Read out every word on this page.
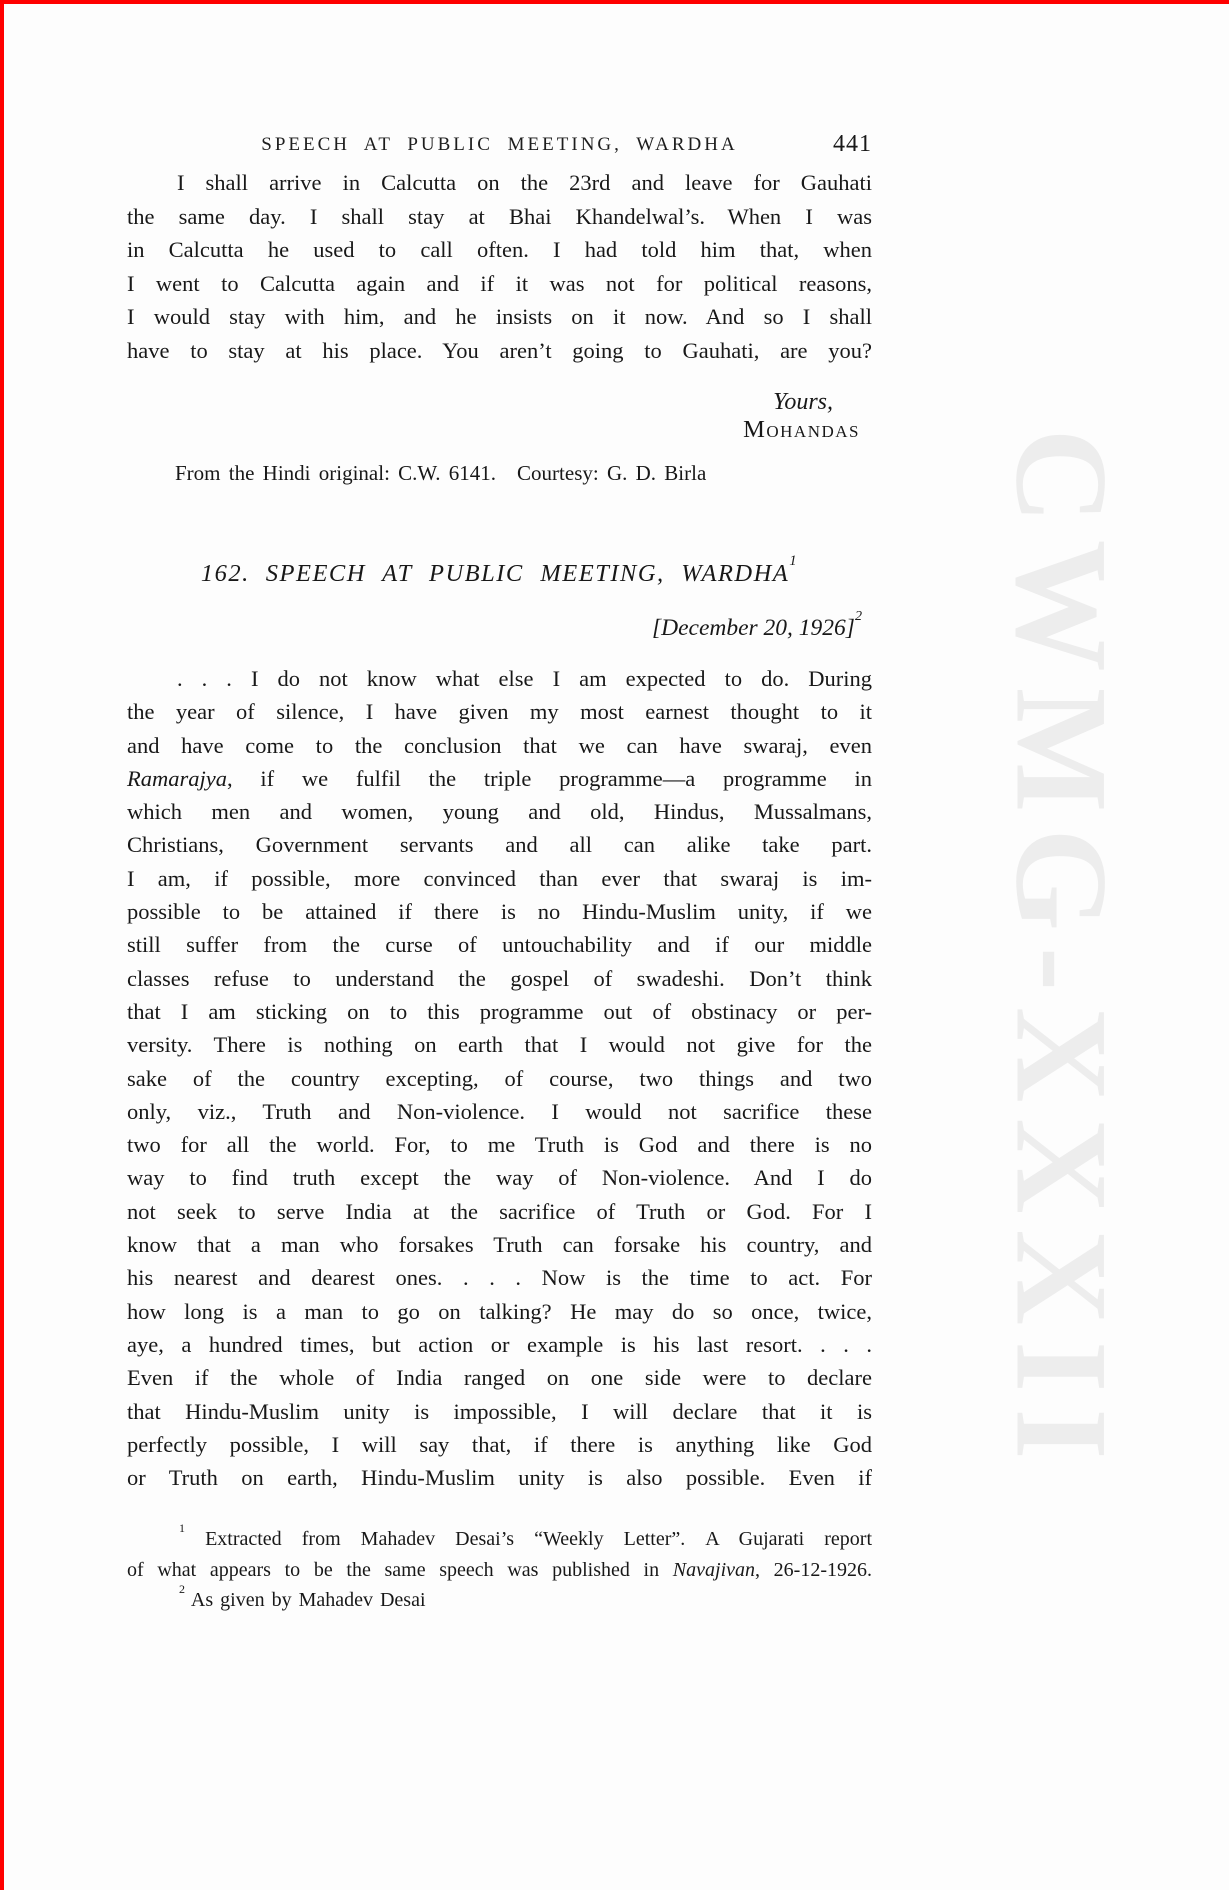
CWMG-XXXII
SPEECH AT PUBLIC MEETING, WARDHA	441
I shall arrive in Calcutta on the 23rd and leave for Gauhati
the same day. I shall stay at Bhai Khandelwal’s. When I was
in Calcutta he used to call often. I had told him that, when
I went to Calcutta again and if it was not for political reasons,
I would stay with him, and he insists on it now. And so I shall
have to stay at his place. You aren’t going to Gauhati, are you?
Yours,
Mohandas
From the Hindi original: C.W. 6141. Courtesy: G. D. Birla
162. SPEECH AT PUBLIC MEETING, WARDHA$^1$
[December 20, 1926]$^2$
. . . I do not know what else I am expected to do. During
the year of silence, I have given my most earnest thought to it
and have come to the conclusion that we can have swaraj, even
Ramarajya, if we fulfil the triple programme—a programme in
which men and women, young and old, Hindus, Mussalmans,
Christians, Government servants and all can alike take part.
I am, if possible, more convinced than ever that swaraj is im-
possible to be attained if there is no Hindu-Muslim unity, if we
still suffer from the curse of untouchability and if our middle
classes refuse to understand the gospel of swadeshi. Don’t think
that I am sticking on to this programme out of obstinacy or per-
versity. There is nothing on earth that I would not give for the
sake of the country excepting, of course, two things and two
only, viz., Truth and Non-violence. I would not sacrifice these
two for all the world. For, to me Truth is God and there is no
way to find truth except the way of Non-violence. And I do
not seek to serve India at the sacrifice of Truth or God. For I
know that a man who forsakes Truth can forsake his country, and
his nearest and dearest ones. . . . Now is the time to act. For
how long is a man to go on talking? He may do so once, twice,
aye, a hundred times, but action or example is his last resort. . . .
Even if the whole of India ranged on one side were to declare
that Hindu-Muslim unity is impossible, I will declare that it is
perfectly possible, I will say that, if there is anything like God
or Truth on earth, Hindu-Muslim unity is also possible. Even if
$^1$ Extracted from Mahadev Desai’s “Weekly Letter”. A Gujarati report
of what appears to be the same speech was published in Navajivan, 26-12-1926.
$^2$ As given by Mahadev Desai
